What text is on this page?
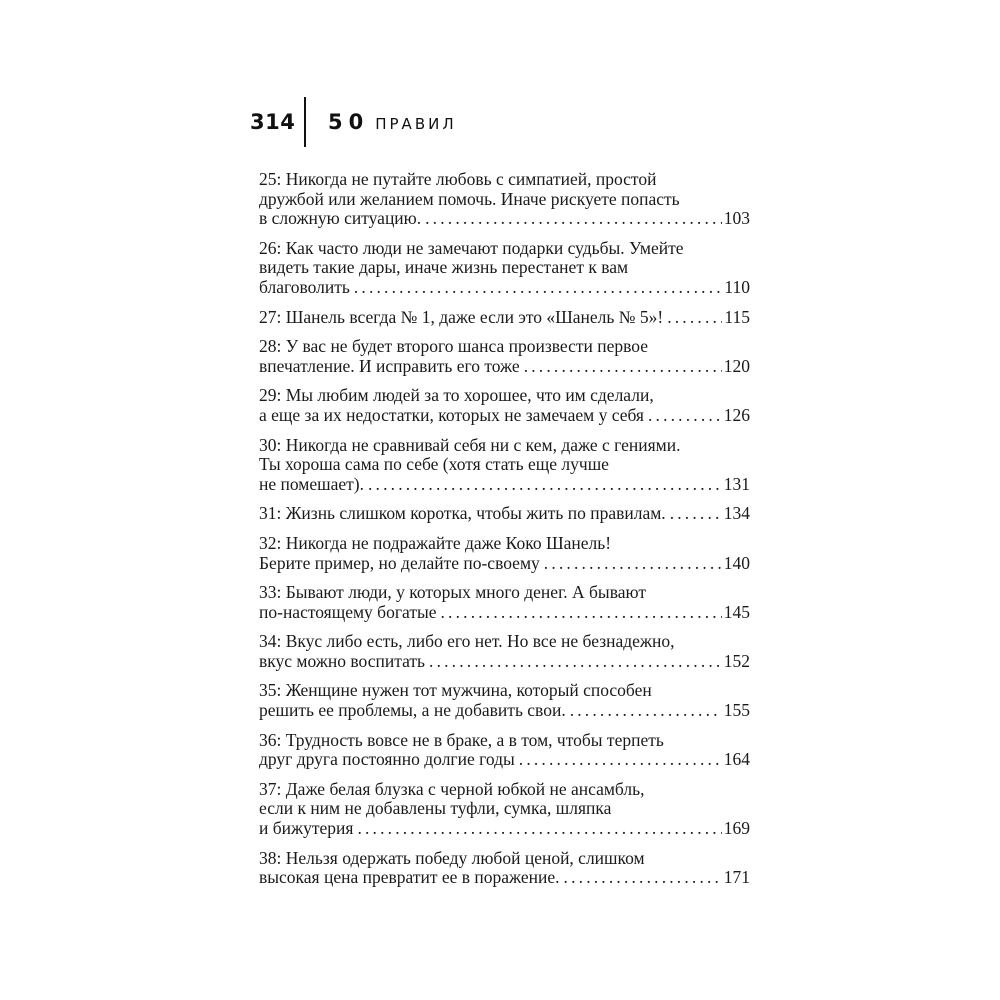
314 50 ПРАВИЛ
25: Никогда не путайте любовь с симпатией, простой
дружбой или желанием помочь. Иначе рискуете попасть
в сложную ситуацию. . . .	103
26: Как часто люди не замечают подарки судьбы. Умейте
видеть такие дары, иначе жизнь перестанет к вам
благоволить . . .	110
27: Шанель всегда № 1, даже если это «Шанель № 5»! . . .	115
28: У вас не будет второго шанса произвести первое
впечатление. И исправить его тоже . . .	120
29: Мы любим людей за то хорошее, что им сделали,
а еще за их недостатки, которых не замечаем у себя . . .	126
30: Никогда не сравнивай себя ни с кем, даже с гениями.
Ты хороша сама по себе (хотя стать еще лучше
не помешает). . . .	131
31: Жизнь слишком коротка, чтобы жить по правилам. . . .	134
32: Никогда не подражайте даже Коко Шанель!
Берите пример, но делайте по-своему . . .	140
33: Бывают люди, у которых много денег. А бывают
по-настоящему богатые . . .	145
34: Вкус либо есть, либо его нет. Но все не безнадежно,
вкус можно воспитать . . .	152
35: Женщине нужен тот мужчина, который способен
решить ее проблемы, а не добавить свои. . . .	155
36: Трудность вовсе не в браке, а в том, чтобы терпеть
друг друга постоянно долгие годы . . .	164
37: Даже белая блузка с черной юбкой не ансамбль,
если к ним не добавлены туфли, сумка, шляпка
и бижутерия . . .	169
38: Нельзя одержать победу любой ценой, слишком
высокая цена превратит ее в поражение. . . .	171
